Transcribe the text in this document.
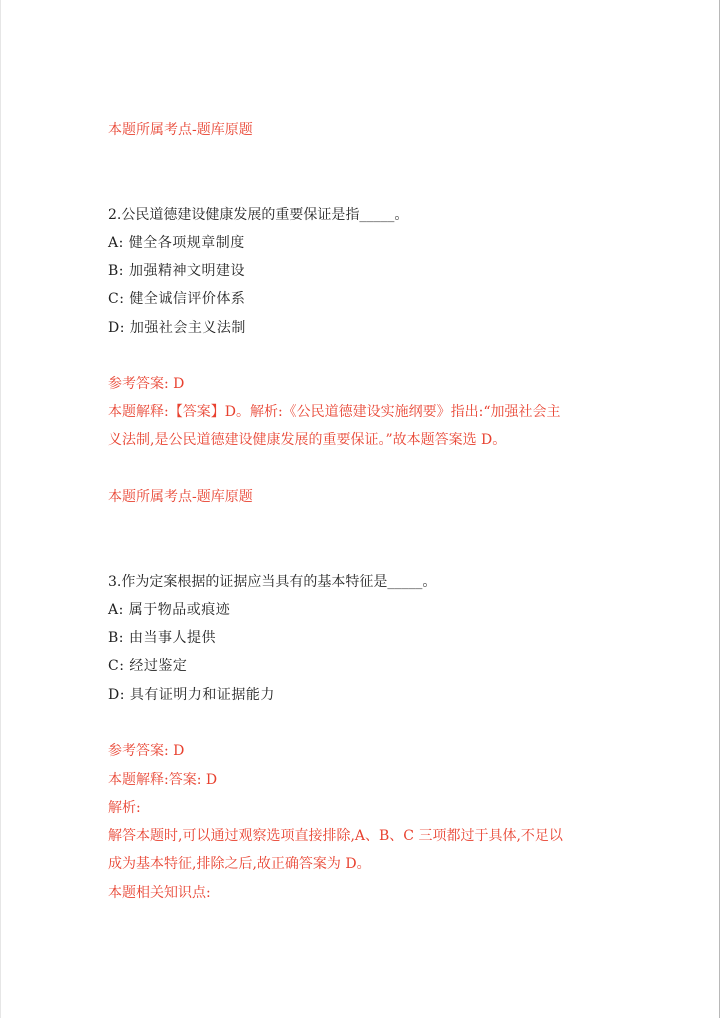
本题所属考点-题库原题
2.公民道德建设健康发展的重要保证是指_____。
A: 健全各项规章制度
B: 加强精神文明建设
C: 健全诚信评价体系
D: 加强社会主义法制
参考答案: D
本题解释:【答案】D。解析:《公民道德建设实施纲要》指出:“加强社会主
义法制,是公民道德建设健康发展的重要保证。”故本题答案选 D。
本题所属考点-题库原题
3.作为定案根据的证据应当具有的基本特征是_____。
A: 属于物品或痕迹
B: 由当事人提供
C: 经过鉴定
D: 具有证明力和证据能力
参考答案: D
本题解释:答案: D
解析:
解答本题时,可以通过观察选项直接排除,A、B、C 三项都过于具体,不足以
成为基本特征,排除之后,故正确答案为 D。
本题相关知识点:
